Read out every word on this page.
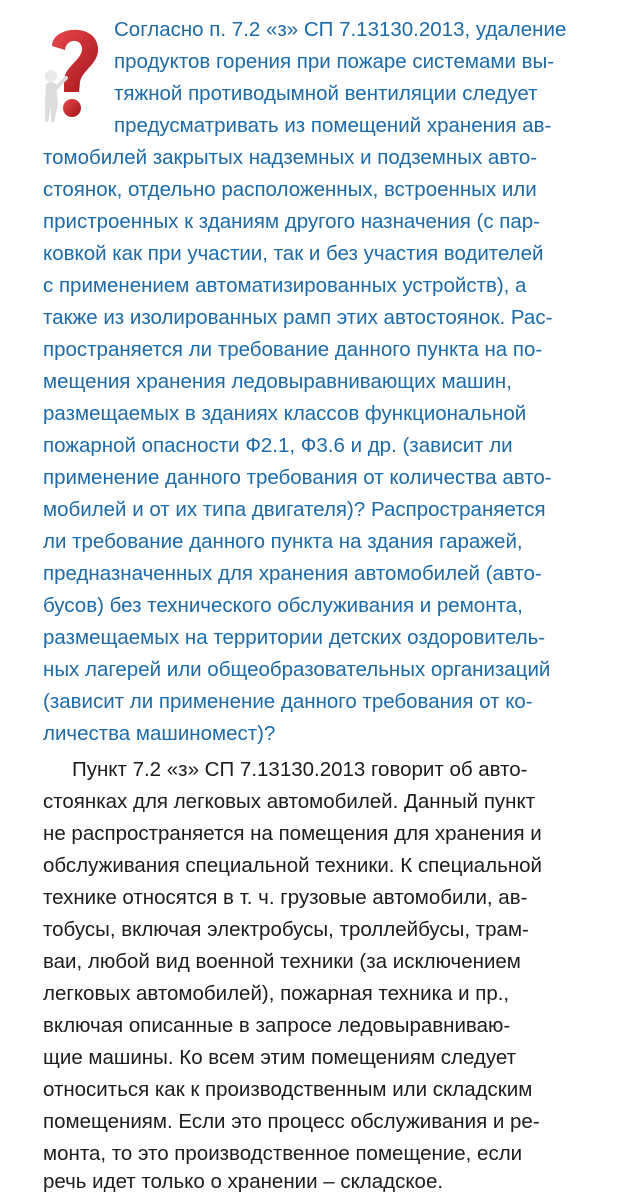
Согласно п. 7.2 «з» СП 7.13130.2013, удаление
продуктов горения при пожаре системами вы-
тяжной противодымной вентиляции следует
предусматривать из помещений хранения ав-
томобилей закрытых надземных и подземных авто-
стоянок, отдельно расположенных, встроенных или
пристроенных к зданиям другого назначения (с пар-
ковкой как при участии, так и без участия водителей
с применением автоматизированных устройств), а
также из изолированных рамп этих автостоянок. Рас-
пространяется ли требование данного пункта на по-
мещения хранения ледовыравнивающих машин,
размещаемых в зданиях классов функциональной
пожарной опасности Ф2.1, Ф3.6 и др. (зависит ли
применение данного требования от количества авто-
мобилей и от их типа двигателя)? Распространяется
ли требование данного пункта на здания гаражей,
предназначенных для хранения автомобилей (авто-
бусов) без технического обслуживания и ремонта,
размещаемых на территории детских оздоровитель-
ных лагерей или общеобразовательных организаций
(зависит ли применение данного требования от ко-
личества машиномест)?
Пункт 7.2 «з» СП 7.13130.2013 говорит об авто-
стоянках для легковых автомобилей. Данный пункт
не распространяется на помещения для хранения и
обслуживания специальной техники. К специальной
технике относятся в т. ч. грузовые автомобили, ав-
тобусы, включая электробусы, троллейбусы, трам-
ваи, любой вид военной техники (за исключением
легковых автомобилей), пожарная техника и пр.,
включая описанные в запросе ледовыравниваю-
щие машины. Ко всем этим помещениям следует
относиться как к производственным или складским
помещениям. Если это процесс обслуживания и ре-
монта, то это производственное помещение, если
речь идет только о хранении – складское.
